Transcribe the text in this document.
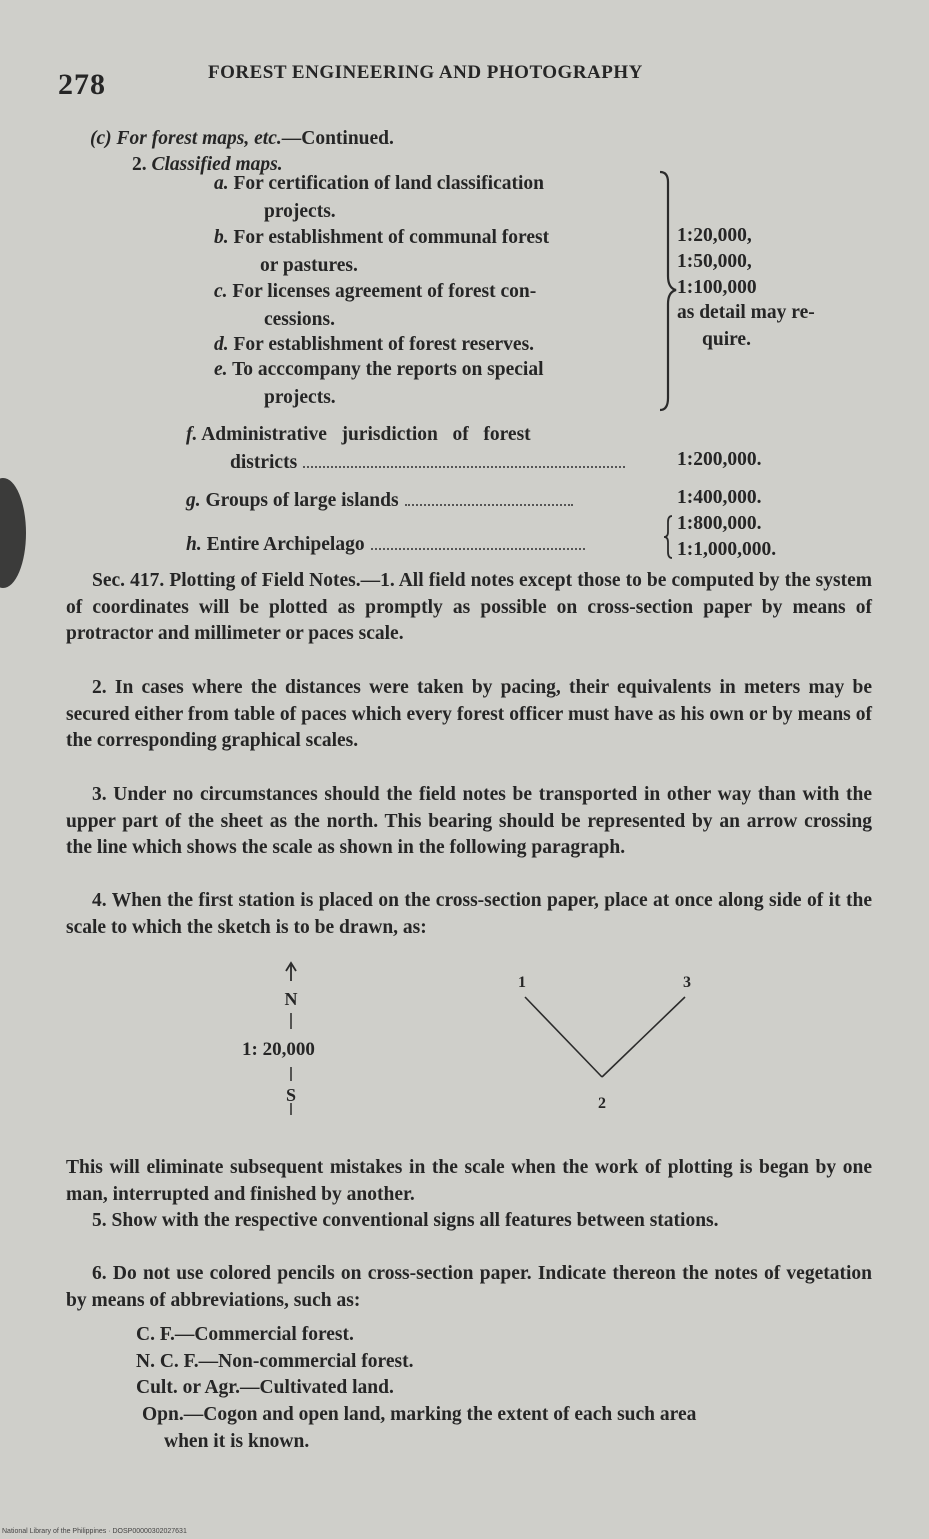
278	FOREST ENGINEERING AND PHOTOGRAPHY
(c) For forest maps, etc.—Continued.
2. Classified maps.
a. For certification of land classification
projects.
b. For establishment of communal forest
or pastures.
c. For licenses agreement of forest con-
cessions.
d. For establishment of forest reserves.
e. To acccompany the reports on special
projects.
1:20,000,
1:50,000,
1:100,000
as detail may re-
quire.
f. Administrative   jurisdiction   of   forest
districts	1:200,000.
g. Groups of large islands	1:400,000.
h. Entire Archipelago
1:800,000.
1:1,000,000.
Sec. 417. Plotting of Field Notes.—1. All field notes except those to be computed by the system of coordinates will be plotted as promptly as possible on cross-section paper by means of protractor and millimeter or paces scale.
2. In cases where the distances were taken by pacing, their equivalents in meters may be secured either from table of paces which every forest officer must have as his own or by means of the corresponding graphical scales.
3. Under no circumstances should the field notes be transported in other way than with the upper part of the sheet as the north. This bearing should be represented by an arrow crossing the line which shows the scale as shown in the following paragraph.
4. When the first station is placed on the cross-section paper, place at once along side of it the scale to which the sketch is to be drawn, as:
N
1: 20,000
S
1	3
2
This will eliminate subsequent mistakes in the scale when the work of plotting is began by one man, interrupted and finished by another.
5. Show with the respective conventional signs all features between stations.
6. Do not use colored pencils on cross-section paper. Indicate thereon the notes of vegetation by means of abbreviations, such as:
C. F.—Commercial forest.
N. C. F.—Non-commercial forest.
Cult. or Agr.—Cultivated land.
Opn.—Cogon and open land, marking the extent of each such area
when it is known.
National Library of the Philippines · DOSP00000302027631
